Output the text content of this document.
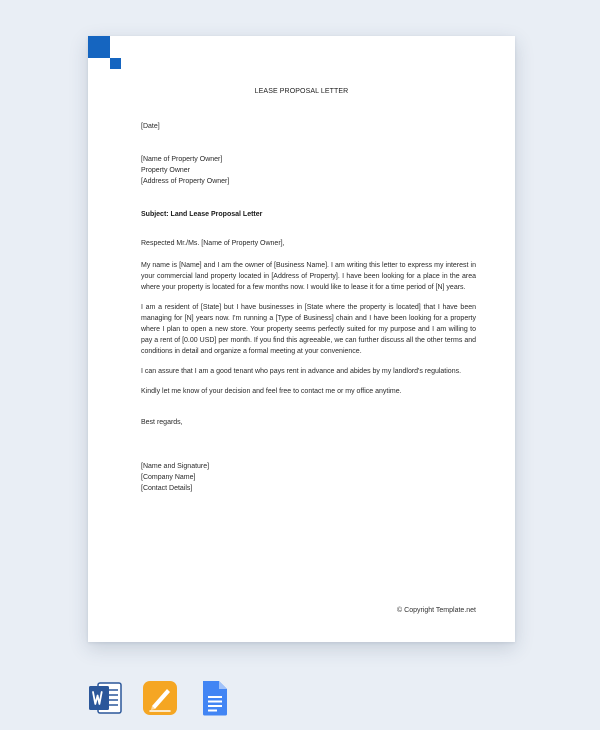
LEASE PROPOSAL LETTER

[Date]

[Name of Property Owner]
Property Owner
[Address of Property Owner]

Subject: Land Lease Proposal Letter

Respected Mr./Ms. [Name of Property Owner],

My name is [Name] and I am the owner of [Business Name]. I am writing this letter to express my interest in your commercial land property located in [Address of Property]. I have been looking for a place in the area where your property is located for a few months now. I would like to lease it for a time period of [N] years.

I am a resident of [State] but I have businesses in [State where the property is located] that I have been managing for [N] years now. I'm running a [Type of Business] chain and I have been looking for a property where I plan to open a new store. Your property seems perfectly suited for my purpose and I am willing to pay a rent of [0.00 USD] per month. If you find this agreeable, we can further discuss all the other terms and conditions in detail and organize a formal meeting at your convenience.

I can assure that I am a good tenant who pays rent in advance and abides by my landlord's regulations.

Kindly let me know of your decision and feel free to contact me or my office anytime.

Best regards,

[Name and Signature]
[Company Name]
[Contact Details]

© Copyright Template.net
